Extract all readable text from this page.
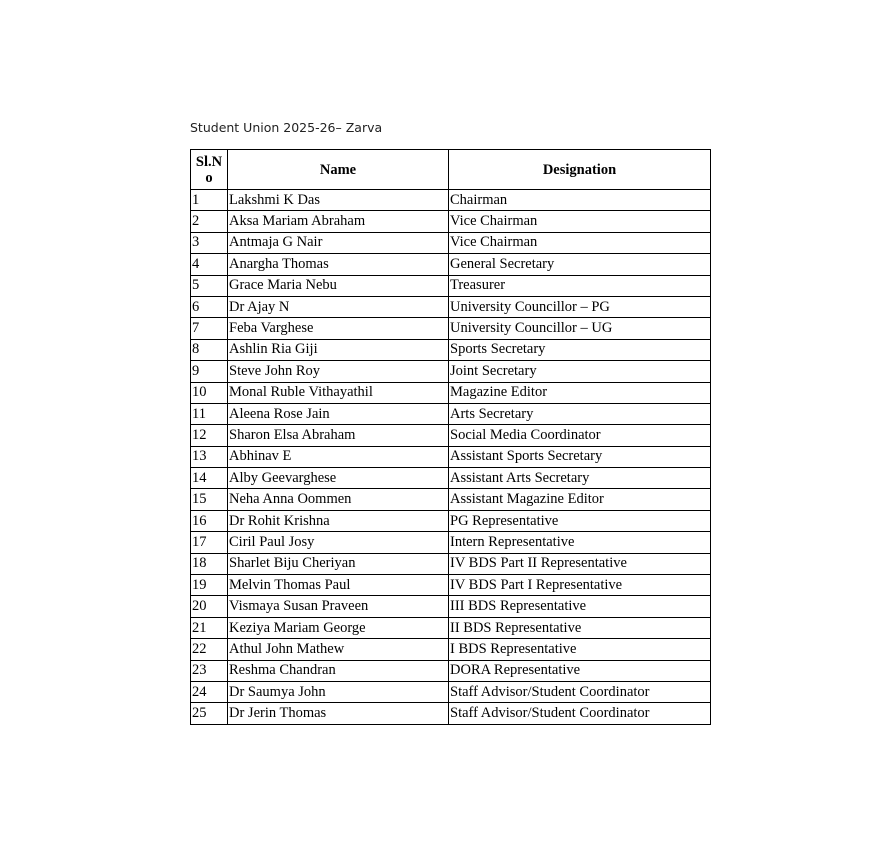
Student Union 2025-26– Zarva

Sl.No	Name	Designation
1	Lakshmi K Das	Chairman
2	Aksa Mariam Abraham	Vice Chairman
3	Antmaja G Nair	Vice Chairman
4	Anargha Thomas	General Secretary
5	Grace Maria Nebu	Treasurer
6	Dr Ajay N	University Councillor – PG
7	Feba Varghese	University Councillor – UG
8	Ashlin Ria Giji	Sports Secretary
9	Steve John Roy	Joint Secretary
10	Monal Ruble Vithayathil	Magazine Editor
11	Aleena Rose Jain	Arts Secretary
12	Sharon Elsa Abraham	Social Media Coordinator
13	Abhinav E	Assistant Sports Secretary
14	Alby Geevarghese	Assistant Arts Secretary
15	Neha Anna Oommen	Assistant Magazine Editor
16	Dr Rohit Krishna	PG Representative
17	Ciril Paul Josy	Intern Representative
18	Sharlet Biju Cheriyan	IV BDS Part II Representative
19	Melvin Thomas Paul	IV BDS Part I Representative
20	Vismaya Susan Praveen	III BDS Representative
21	Keziya Mariam George	II BDS Representative
22	Athul John Mathew	I BDS Representative
23	Reshma Chandran	DORA Representative
24	Dr Saumya John	Staff Advisor/Student Coordinator
25	Dr Jerin Thomas	Staff Advisor/Student Coordinator
